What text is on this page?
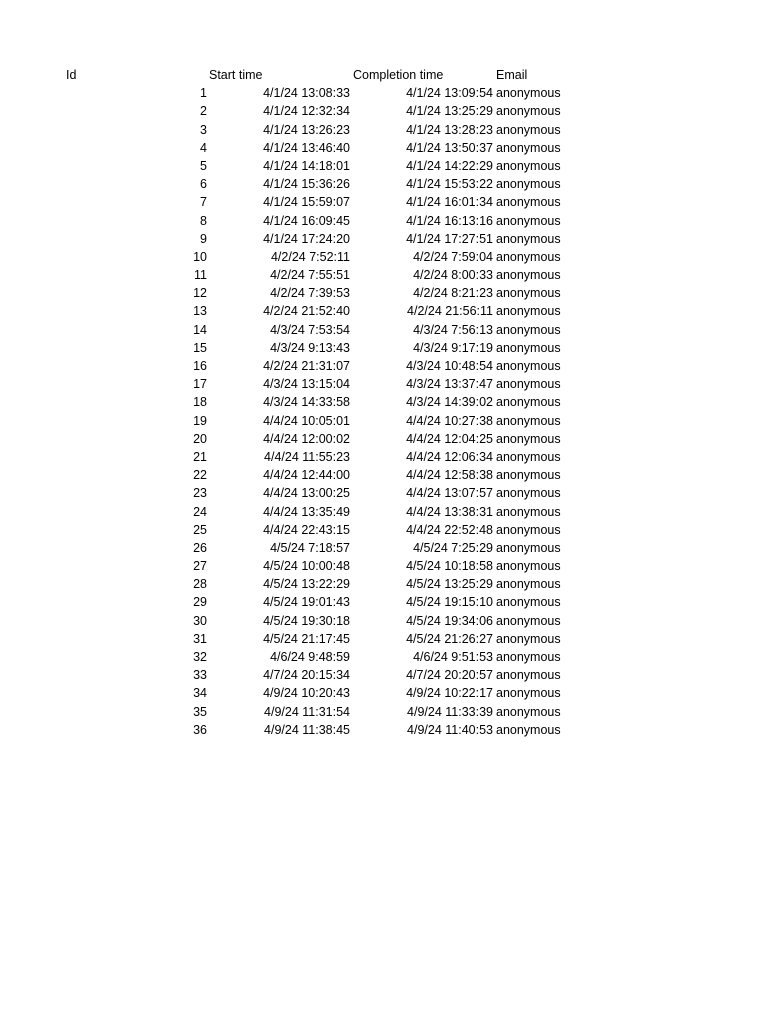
Id	Start time	Completion time	Email
1	4/1/24 13:08:33	4/1/24 13:09:54 anonymous
2	4/1/24 12:32:34	4/1/24 13:25:29 anonymous
3	4/1/24 13:26:23	4/1/24 13:28:23 anonymous
4	4/1/24 13:46:40	4/1/24 13:50:37 anonymous
5	4/1/24 14:18:01	4/1/24 14:22:29 anonymous
6	4/1/24 15:36:26	4/1/24 15:53:22 anonymous
7	4/1/24 15:59:07	4/1/24 16:01:34 anonymous
8	4/1/24 16:09:45	4/1/24 16:13:16 anonymous
9	4/1/24 17:24:20	4/1/24 17:27:51 anonymous
10	4/2/24 7:52:11	4/2/24 7:59:04 anonymous
11	4/2/24 7:55:51	4/2/24 8:00:33 anonymous
12	4/2/24 7:39:53	4/2/24 8:21:23 anonymous
13	4/2/24 21:52:40	4/2/24 21:56:11 anonymous
14	4/3/24 7:53:54	4/3/24 7:56:13 anonymous
15	4/3/24 9:13:43	4/3/24 9:17:19 anonymous
16	4/2/24 21:31:07	4/3/24 10:48:54 anonymous
17	4/3/24 13:15:04	4/3/24 13:37:47 anonymous
18	4/3/24 14:33:58	4/3/24 14:39:02 anonymous
19	4/4/24 10:05:01	4/4/24 10:27:38 anonymous
20	4/4/24 12:00:02	4/4/24 12:04:25 anonymous
21	4/4/24 11:55:23	4/4/24 12:06:34 anonymous
22	4/4/24 12:44:00	4/4/24 12:58:38 anonymous
23	4/4/24 13:00:25	4/4/24 13:07:57 anonymous
24	4/4/24 13:35:49	4/4/24 13:38:31 anonymous
25	4/4/24 22:43:15	4/4/24 22:52:48 anonymous
26	4/5/24 7:18:57	4/5/24 7:25:29 anonymous
27	4/5/24 10:00:48	4/5/24 10:18:58 anonymous
28	4/5/24 13:22:29	4/5/24 13:25:29 anonymous
29	4/5/24 19:01:43	4/5/24 19:15:10 anonymous
30	4/5/24 19:30:18	4/5/24 19:34:06 anonymous
31	4/5/24 21:17:45	4/5/24 21:26:27 anonymous
32	4/6/24 9:48:59	4/6/24 9:51:53 anonymous
33	4/7/24 20:15:34	4/7/24 20:20:57 anonymous
34	4/9/24 10:20:43	4/9/24 10:22:17 anonymous
35	4/9/24 11:31:54	4/9/24 11:33:39 anonymous
36	4/9/24 11:38:45	4/9/24 11:40:53 anonymous
